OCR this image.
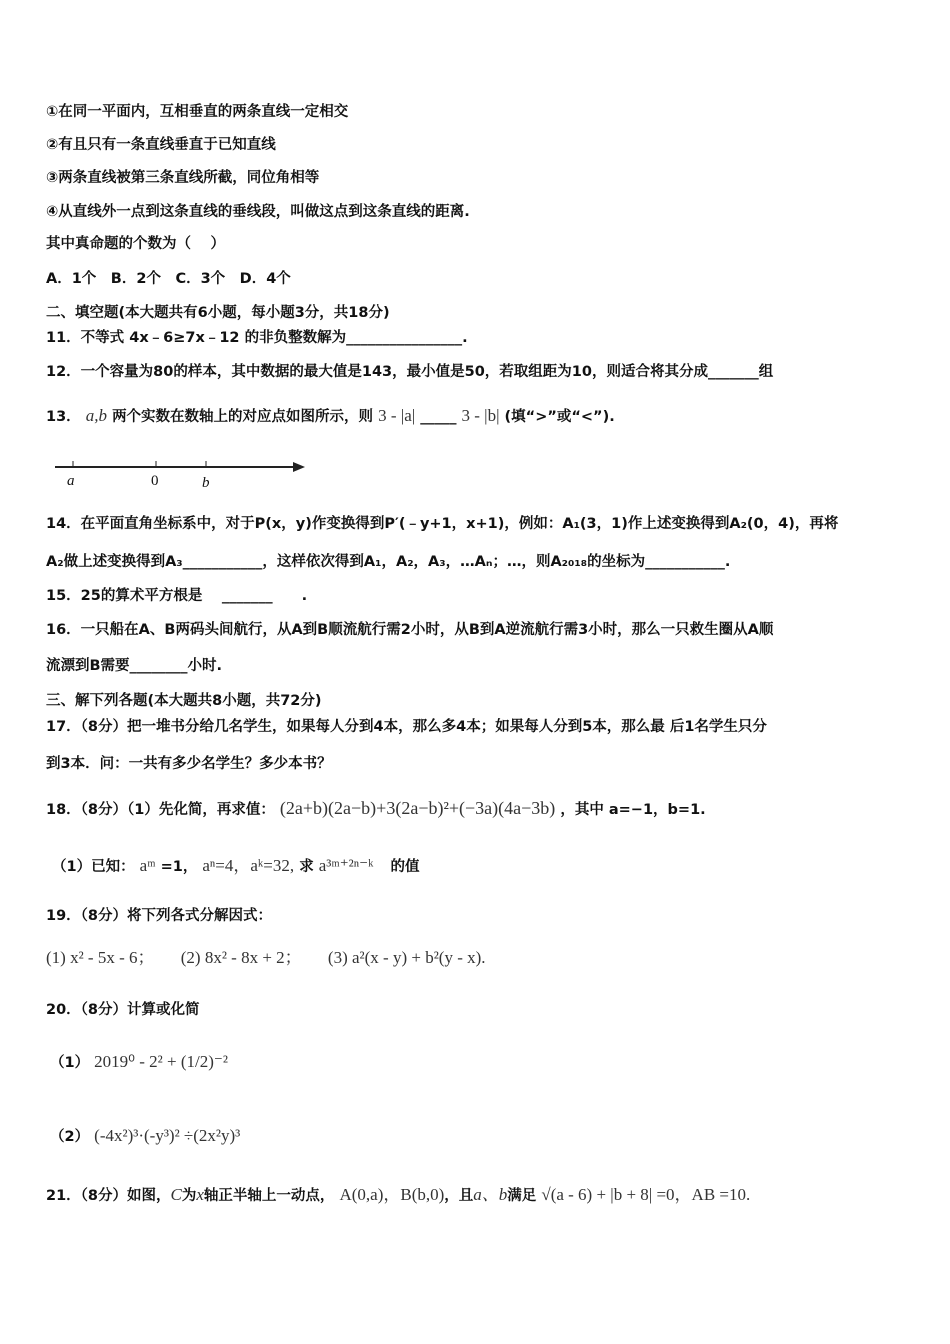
①在同一平面内，互相垂直的两条直线一定相交
②有且只有一条直线垂直于已知直线
③两条直线被第三条直线所截，同位角相等
④从直线外一点到这条直线的垂线段，叫做这点到这条直线的距离.
其中真命题的个数为（　 ）
A．1个　B．2个　C．3个　D．4个
二、填空题(本大题共有6小题，每小题3分，共18分)
11．不等式 4x﹣6≥7x﹣12 的非负整数解为________________.
12．一个容量为80的样本，其中数据的最大值是143，最小值是50，若取组距为10，则适合将其分成_______组
13． a,b 两个实数在数轴上的对应点如图所示，则 3 - |a| _____ 3 - |b| (填“>”或“<”).
a	0	b
14．在平面直角坐标系中，对于P(x，y)作变换得到P′(﹣y+1，x+1)，例如：A₁(3，1)作上述变换得到A₂(0，4)，再将
A₂做上述变换得到A₃___________，这样依次得到A₁，A₂，A₃，…Aₙ；…，则A₂₀₁₈的坐标为___________.
15．25的算术平方根是　 _______　　.
16．一只船在A、B两码头间航行，从A到B顺流航行需2小时，从B到A逆流航行需3小时，那么一只救生圈从A顺
流漂到B需要________小时.
三、解下列各题(本大题共8小题，共72分)
17．（8分）把一堆书分给几名学生，如果每人分到4本，那么多4本；如果每人分到5本，那么最 后1名学生只分
到3本．问：一共有多少名学生？多少本书？
18．（8分）（1）先化简，再求值： (2a+b)(2a−b)+3(2a−b)²+(−3a)(4a−3b) ，其中 a=−1，b=1.
（1）已知： aᵐ =1， aⁿ=4，aᵏ=32, 求 a³ᵐ⁺²ⁿ⁻ᵏ 的值
19．（8分）将下列各式分解因式：
(1) x² - 5x - 6； (2) 8x² - 8x + 2； (3) a²(x - y) + b²(y - x).
20．（8分）计算或化简
（1） 2019⁰ - 2² + (1/2)⁻²
（2） (-4x²)³·(-y³)² ÷(2x²y)³
21．（8分）如图，C为x轴正半轴上一动点， A(0,a)，B(b,0)，且a、b满足 √(a - 6) + |b + 8| =0，AB =10.
